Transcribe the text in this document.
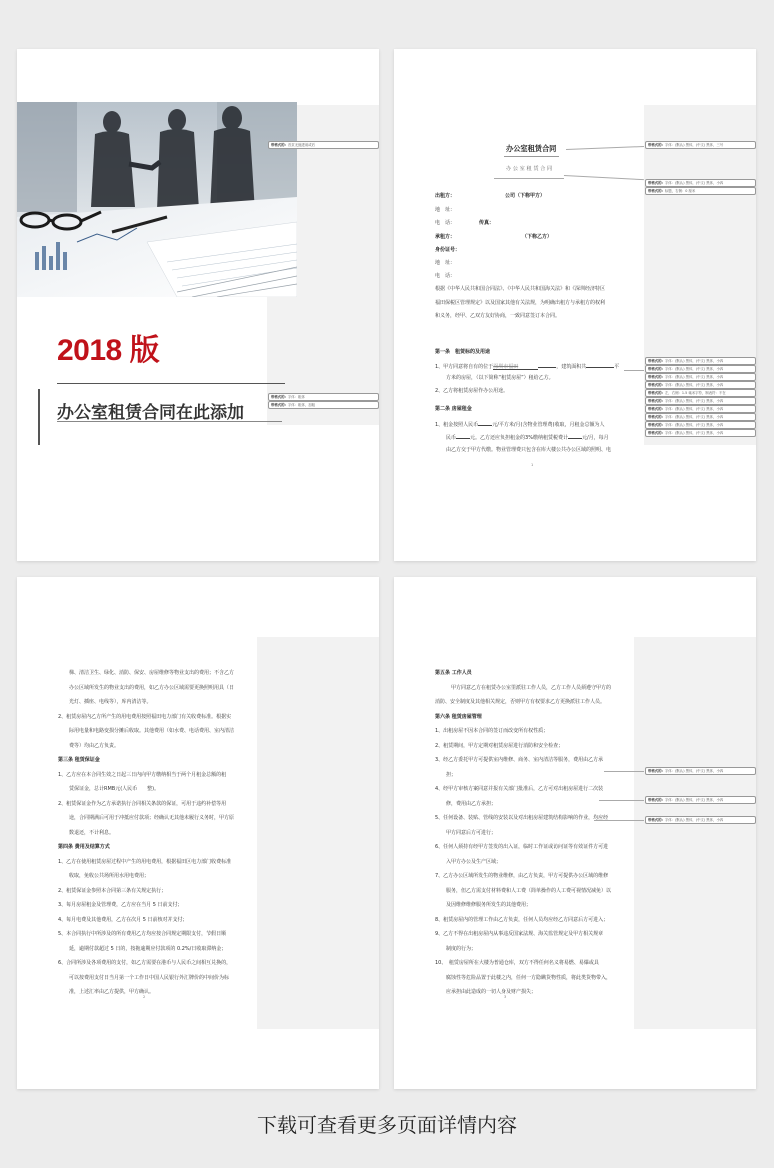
2018 版
办公室租赁合同在此添加
带格式的: 首页无缩进前或后
带格式的: 字体：粗体
带格式的: 字体：粗体，加粗
办公室租赁合同
办 公 室 租 赁 合 同
出租方：	公司（下称甲方）
地　址：
电　话：	传真：
承租方：	（下称乙方）
身份证号：
地　址：
电　话：
根据《中华人民共和国合同法》、《中华人民共和国海关法》和《深圳经济特区
福田保税区管理规定》以及国家其他有关法规，为明确出租方与承租方的权利
和义务，经甲、乙双方友好协商，一致同意签订本合同。
第一条　租赁标的及用途
1、甲方同意将自有的位于深圳市福田	，建筑面积共	平
方米的房屋，（以下简称“租赁房屋”）租给乙方。
2、乙方将租赁房屋作办公用途。
第二条 房屋租金
1、租金按照人民币	元/平方米/月(含物业管理费)收取，月租金总额为人
民币	元。乙方还应负担租金的3%缴纳租赁税费计	元/月，每月
由乙方交于甲方代缴。物业管理费只包含在库大楼公共办公区域的照明、电
1
带格式的: 字体：(默认) 黑体，(中文) 黑体，三号
带格式的: 字体：(默认) 黑体，(中文) 黑体，小四
带格式的: 标题，右侧：0 厘米
带格式的: 字体：(默认) 黑体，(中文) 黑体，小四
带格式的: 字体：(默认) 黑体，(中文) 黑体，小四
带格式的: 字体：(默认) 黑体，(中文) 黑体，小四
带格式的: 字体：(默认) 黑体，(中文) 黑体，小四
带格式的: 左，右侧：1.5 毫米字符，制表符：不在
带格式的: 字体：(默认) 黑体，(中文) 黑体，小四
带格式的: 字体：(默认) 黑体，(中文) 黑体，小四
带格式的: 字体：(默认) 黑体，(中文) 黑体，小四
带格式的: 字体：(默认) 黑体，(中文) 黑体，小四
带格式的: 字体：(默认) 黑体，(中文) 黑体，小四
梯、清洁卫生、绿化、消防、保安、房屋维修等物业支出的费用；不含乙方
办公区域所发生的物业支出的费用，如乙方办公区域需要更换照明用具（日
光灯、插座、电线等），库内清洁等。
2、租赁房屋内乙方所产生的用电费用按照福田电力部门有关收费标准。根据实
际用电量和电路变损分摊后收取。其他费用（如水费、电话费用、室内清洁
费等）均由乙方负责。
第三条 租赁保证金
1、乙方应在本合同生效之日起三日内向甲方缴纳相当于两个月租金总额的租
赁保证金，总计RMB元(人民币　　整)。
2、租赁保证金作为乙方承诺执行合同相关条款的保证，可用于违约补偿等用
途，合同期满后可用于冲抵应付款项；经确认无其他未履行义务时，甲方原
数退还，不计利息。
第四条 费用及结算方式
1、乙方在使用租赁房屋过程中产生的用电费用，根据福田区电力部门收费标准
收取，免收公共场所用水用电费用；
2、租赁保证金参照本合同第三条有关规定执行；
3、每月房屋租金及管理费，乙方应在当月 5 日前支付；
4、每月电费及其他费用，乙方在次月 5 日前核对并支付；
5、本合同执行中所涉及的所有费用乙方均应按合同规定期限支付，节假日顺
延，逾期付款超过 5 日的，按拖逾期应付款项的 0.2%/日收取滞纳金；
6、合同所涉及各项费用的支付，如乙方需要在港币与人民币之间相互兑换的，
可以按费用支付日当月第一个工作日中国人民银行外汇牌价的中间价为标
准，上述汇率由乙方提供，甲方确认。
2
第五条 工作人员
甲方同意乙方在租赁办公室里派驻工作人员，乙方工作人员须遵守甲方的
消防、安全制度及其他相关规定，否则甲方有权要求乙方更换派驻工作人员。
第六条 租赁房屋管理
1、出租房屋不因本合同的签订而改变所有权性质；
2、租赁期间，甲方定期对租赁房屋进行消防和安全检查；
3、经乙方委托甲方可提供室内维修、商务、室内清洁等服务，费用由乙方承
担；
4、经甲方审核方案同意并报有关部门批准后，乙方可对出租房屋进行二次装
修，费用由乙方承担；
5、任何设备、装贴、管线的安装以及对出租房屋建筑结构影响的作业，均应经
甲方同意后方可进行；
6、任何人须持有经甲方签发的出入证，临时工作证或访问证等有效证件方可进
入甲方办公及生产区域；
7、乙方办公区域所发生的物业维修，由乙方负责，甲方可提供办公区域的维修
服务，但乙方需支付材料费和人工费（简单操作的人工费可视情况减免）以
及因维修维修服务所发生的其他费用；
8、租赁房屋内的管理工作由乙方负责，任何人员均应经乙方同意后方可进入；
9、乙方不得在出租房屋内从事违反国家法规、海关监管规定及甲方相关规章
制度的行为；
10、　租赁房屋所在大楼为普通仓库，双方不得任何名义将易燃、易爆或具
腐蚀性等危险品置于此楼之内，任何一方隐瞒货物性质，将此类货物带入，
应承担由此造成的一切人身及财产损失；
3
带格式的: 字体：(默认) 黑体，(中文) 黑体，小四
带格式的: 字体：(默认) 黑体，(中文) 黑体，小四
带格式的: 字体：(默认) 黑体，(中文) 黑体，小四
下载可查看更多页面详情内容
